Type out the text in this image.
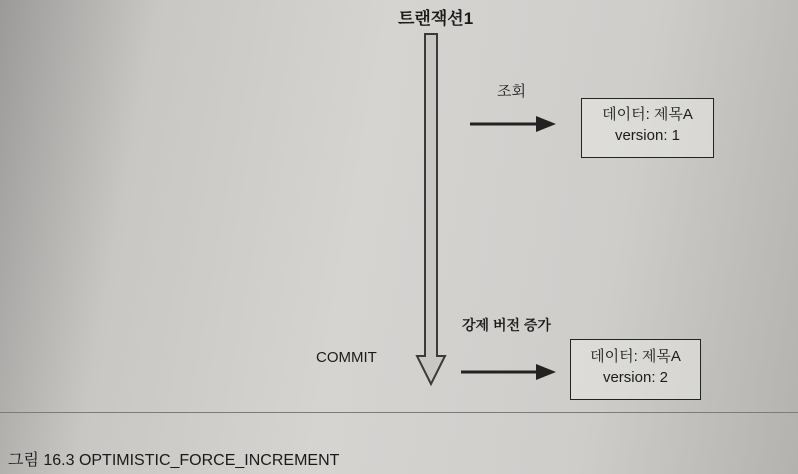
트랜잭션1
조회
강제 버전 증가
COMMIT
데이터: 제목A
version: 1
데이터: 제목A
version: 2
그림 16.3 OPTIMISTIC_FORCE_INCREMENT
